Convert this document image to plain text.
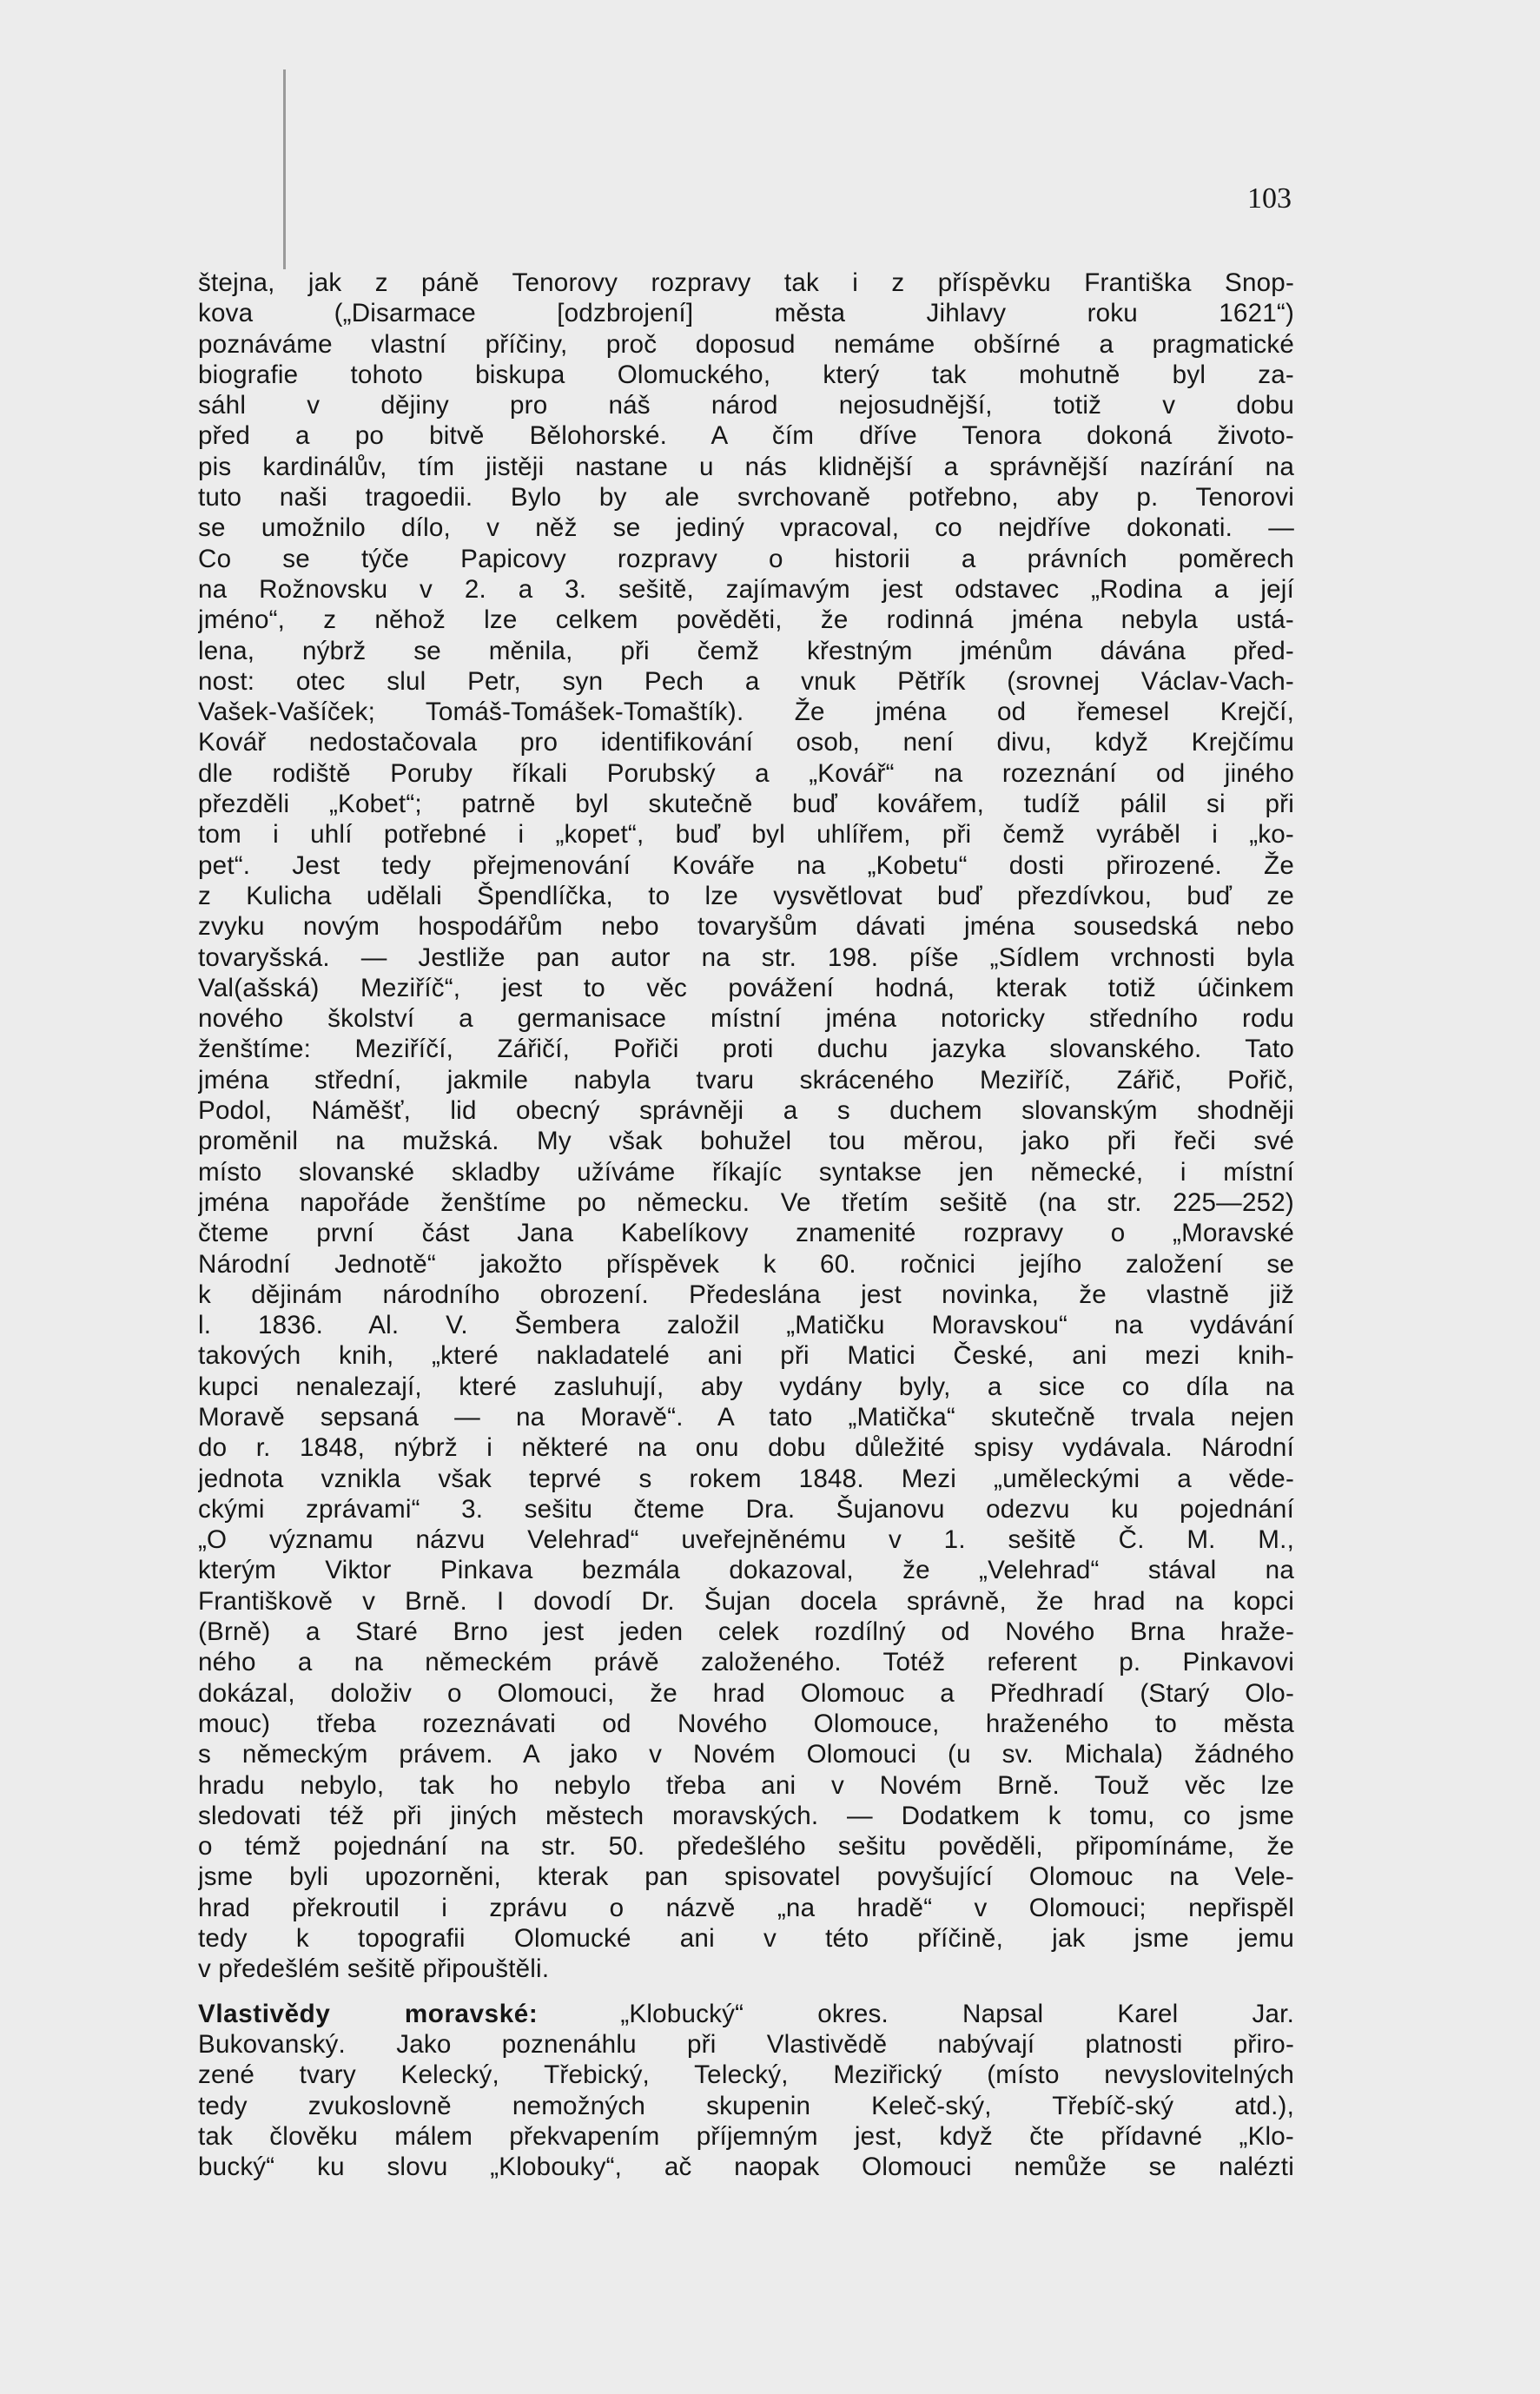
103
štejna, jak z páně Tenorovy rozpravy tak i z příspěvku Františka Snop-
kova („Disarmace [odzbrojení] města Jihlavy roku 1621“)
poznáváme vlastní příčiny, proč doposud nemáme obšírné a pragmatické
biografie tohoto biskupa Olomuckého, který tak mohutně byl za-
sáhl v dějiny pro náš národ nejosudnější, totiž v dobu
před a po bitvě Bělohorské. A čím dříve Tenora dokoná životo-
pis kardinálův, tím jistěji nastane u nás klidnější a správnější nazírání na
tuto naši tragoedii. Bylo by ale svrchovaně potřebno, aby p. Tenorovi
se umožnilo dílo, v něž se jediný vpracoval, co nejdříve dokonati. —
Co se týče Papicovy rozpravy o historii a právních poměrech
na Rožnovsku v 2. a 3. sešitě, zajímavým jest odstavec „Rodina a její
jméno“, z něhož lze celkem pověděti, že rodinná jména nebyla ustá-
lena, nýbrž se měnila, při čemž křestným jménům dávána před-
nost: otec slul Petr, syn Pech a vnuk Pětřík (srovnej Václav-Vach-
Vašek-Vašíček; Tomáš-Tomášek-Tomaštík). Že jména od řemesel Krejčí,
Kovář nedostačovala pro identifikování osob, není divu, když Krejčímu
dle rodiště Poruby říkali Porubský a „Kovář“ na rozeznání od jiného
přezděli „Kobet“; patrně byl skutečně buď kovářem, tudíž pálil si při
tom i uhlí potřebné i „kopet“, buď byl uhlířem, při čemž vyráběl i „ko-
pet“. Jest tedy přejmenování Kováře na „Kobetu“ dosti přirozené. Že
z Kulicha udělali Špendlíčka, to lze vysvětlovat buď přezdívkou, buď ze
zvyku novým hospodářům nebo tovaryšům dávati jména sousedská nebo
tovaryšská. — Jestliže pan autor na str. 198. píše „Sídlem vrchnosti byla
Val(ašská) Meziříč“, jest to věc povážení hodná, kterak totiž účinkem
nového školství a germanisace místní jména notoricky středního rodu
ženštíme: Meziříčí, Zářičí, Pořiči proti duchu jazyka slovanského. Tato
jména střední, jakmile nabyla tvaru skráceného Meziříč, Zářič, Pořič,
Podol, Náměšť, lid obecný správněji a s duchem slovanským shodněji
proměnil na mužská. My však bohužel tou měrou, jako při řeči své
místo slovanské skladby užíváme říkajíc syntakse jen německé, i místní
jména napořáde ženštíme po německu. Ve třetím sešitě (na str. 225—252)
čteme první část Jana Kabelíkovy znamenité rozpravy o „Moravské
Národní Jednotě“ jakožto příspěvek k 60. ročnici jejího založení se
k dějinám národního obrození. Předeslána jest novinka, že vlastně již
l. 1836. Al. V. Šembera založil „Matičku Moravskou“ na vydávání
takových knih, „které nakladatelé ani při Matici České, ani mezi knih-
kupci nenalezají, které zasluhují, aby vydány byly, a sice co díla na
Moravě sepsaná — na Moravě“. A tato „Matička“ skutečně trvala nejen
do r. 1848, nýbrž i některé na onu dobu důležité spisy vydávala. Národní
jednota vznikla však teprvé s rokem 1848. Mezi „uměleckými a věde-
ckými zprávami“ 3. sešitu čteme Dra. Šujanovu odezvu ku pojednání
„O významu názvu Velehrad“ uveřejněnému v 1. sešitě Č. M. M.,
kterým Viktor Pinkava bezmála dokazoval, že „Velehrad“ stával na
Františkově v Brně. I dovodí Dr. Šujan docela správně, že hrad na kopci
(Brně) a Staré Brno jest jeden celek rozdílný od Nového Brna hraže-
ného a na německém právě založeného. Totéž referent p. Pinkavovi
dokázal, doloživ o Olomouci, že hrad Olomouc a Předhradí (Starý Olo-
mouc) třeba rozeznávati od Nového Olomouce, hraženého to města
s německým právem. A jako v Novém Olomouci (u sv. Michala) žádného
hradu nebylo, tak ho nebylo třeba ani v Novém Brně. Touž věc lze
sledovati též při jiných městech moravských. — Dodatkem k tomu, co jsme
o témž pojednání na str. 50. předešlého sešitu pověděli, připomínáme, že
jsme byli upozorněni, kterak pan spisovatel povyšující Olomouc na Vele-
hrad překroutil i zprávu o názvě „na hradě“ v Olomouci; nepřispěl
tedy k topografii Olomucké ani v této příčině, jak jsme jemu
v předešlém sešitě připouštěli.
Vlastivědy moravské:	„Klobucký“ okres. Napsal Karel Jar.
Bukovanský. Jako poznenáhlu při Vlastivědě nabývají platnosti přiro-
zené tvary Kelecký, Třebický, Telecký, Meziřický (místo nevyslovitelných
tedy zvukoslovně nemožných skupenin Keleč-ský, Třebíč-ský atd.),
tak člověku málem překvapením příjemným jest, když čte přídavné „Klo-
bucký“ ku slovu „Klobouky“, ač naopak Olomouci nemůže se nalézti
